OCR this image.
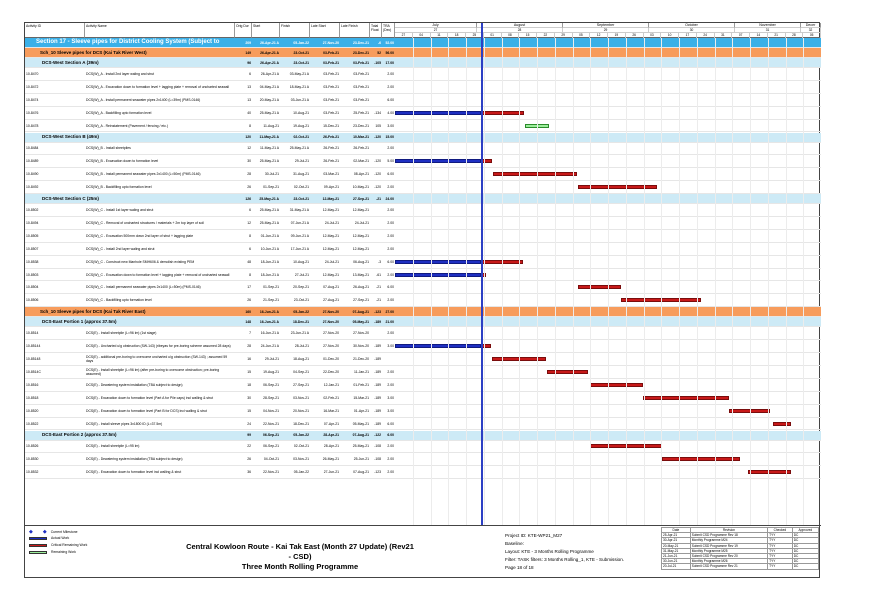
Activity ID	Activity Name	Orig Dur	Start	Finish	Late Start	Late Finish	Total Float
TRA (Dec)
July
27
August
28
September
29
October
30
November
31
Decer
32
27	04	11	18	25	01	08	15	22	29	05	12	19	26	03	10	17	24	31	07	14	21	28	05
Section 17 - Sleeve pipes for District Cooling System (Subject to	209	26-Apr-21 A	05-Jan-22	27-Nov-20	23-Dec-21	-6	52.00
Sch_10 Sleeve pipes for DCS (Kai Tak River West)	149	26-Apr-21 A	23-Oct-21	03-Feb-21	23-Dec-21	52	56.00
DCS-West Section A (39m)	96	26-Apr-21 A	23-Oct-21	03-Feb-21	03-Feb-21	-105	17.00
10-8470	DCS(W)_A - Install 2nd layer waling and strut	6	26-Apr-21 A	03-May-21 A	03-Feb-21	03-Feb-21	2.00
10-8472	DCS(W)_A - Excavation down to formation level + lagging plate + removal of uncharted seawall	13	04-May-21 A	18-May-21 A	03-Feb-21	03-Feb-21	2.00
10-8474	DCS(W)_A - Install permanent seawater pipes 2x1400 (L=39m) (PMS-0146)	13	20-May-21 A	03-Jun-21 A	03-Feb-21	03-Feb-21	6.00
10-8476	DCS(W)_A - Backfilling upto formation level	40	25-May-21 A	10-Aug-21	03-Feb-21	25-Feb-21	-134	4.00
10-8478	DCS(W)_A - Reinstatement (Pavement / fencing / etc.)	8	11-Aug-21	19-Aug-21	15-Dec-21	23-Dec-21	105	3.00
DCS-West Section B (49m)	120	11-May-21 A	02-Oct-21	26-Feb-21	10-Mar-21	-120	15.00
10-8484	DCS(W)_B - Install sheetpiles	12	11-May-21 A	25-May-21 A	26-Feb-21	26-Feb-21	2.00
10-8489	DCS(W)_B - Excavation down to formation level	30	25-May-21 A	29-Jul-21	26-Feb-21	02-Mar-21	-120	5.00
10-8490	DCS(W)_B - Install permanent seawater pipes 2x1400 (L=50m) (PMS-0146)	28	30-Jul-21	31-Aug-21	03-Mar-21	08-Apr-21	-120	6.00
10-8492	DCS(W)_B - Backfilling upto formation level	26	01-Sep-21	02-Oct-21	09-Apr-21	10-May-21	-120	2.00
DCS-West Section C (25m)	126	25-May-21 A	23-Oct-21	12-May-21	27-Sep-21	-21	24.00
10-8502	DCS(W)_C - Install 1st layer waling and strut	6	25-May-21 A	31-May-21 A	12-May-21	12-May-21	2.00
10-8494	DCS(W)_C - Removal of uncharted structures / materials + 2m top layer of soil	12	25-May-21 A	07-Jun-21 A	24-Jul-21	24-Jul-21	2.00
10-8505	DCS(W)_C - Excavation 500mm down 2nd layer of strut + lagging plate	8	01-Jun-21 A	09-Jun-21 A	12-May-21	12-May-21	2.00
10-8507	DCS(W)_C - Install 2nd layer waling and strut	6	10-Jun-21 A	17-Jun-21 A	12-May-21	12-May-21	2.00
10-8538	DCS(W)_C - Construct new Manhole SMH606 & demolish existing PEM	48	18-Jun-21 A	10-Aug-21	24-Jul-21	06-Aug-21	-3	6.00
10-8503	DCS(W)_C - Excavation down to formation level + lagging plate + removal of uncharted seawall	8	18-Jun-21 A	27-Jul-21	12-May-21	13-May-21	-61	2.00
10-8504	DCS(W)_C - Install permanent seawater pipes 2x1400 (L=50m) (PMS-0146)	17	01-Sep-21	20-Sep-21	07-Aug-21	26-Aug-21	-21	6.00
10-8506	DCS(W)_C - Backfilling upto formation level	26	21-Sep-21	23-Oct-21	27-Aug-21	27-Sep-21	-21	2.00
Sch_10 Sleeve pipes for DCS (Kai Tak River East)	160	16-Jun-21 A	05-Jan-22	27-Nov-20	07-Aug-21	-123	27.00
DCS-East Portion 1 (approx 37.5m)	148	16-Jun-21 A	18-Dec-21	27-Nov-20	05-May-21	-189	21.00
10-8514	DCS(E) - Install sheetpile (L=96 lm) (1st stage)	7	16-Jun-21 A	23-Jun-21 A	27-Nov-20	27-Nov-20	2.00
10-85144	DCS(E) - Uncharted u/g obstruction (SW-143) (ribeyas for pre-boring scheme assumed 28 days)	28	24-Jun-21 A	28-Jul-21	27-Nov-20	30-Nov-20	-189	3.00
10-85148	DCS(E) - additional pre-boring to overcome uncharted u/g obstruction (SW-143) ; assumed 59 days	16	29-Jul-21	18-Aug-21	01-Dec-20	21-Dec-20	-189
10-8514C	DCS(E) - Install sheetpile (L=96 lm) (after pre-boring to overcome obstruction; pre-boring assumed)	15	19-Aug-21	04-Sep-21	22-Dec-20	11-Jan-21	-189	2.00
10-8516	DCS(E) - Dewatering system installation (TBA subject to design)	18	06-Sep-21	27-Sep-21	12-Jan-21	01-Feb-21	-189	2.00
10-8518	DCS(E) - Excavation down to formation level (Part A for Pile caps) incl walling & strut	30	28-Sep-21	03-Nov-21	02-Feb-21	15-Mar-21	-189	3.00
10-8520	DCS(E) - Excavation down to formation level (Part B for DCS) incl walling & strut	15	04-Nov-21	20-Nov-21	16-Mar-21	01-Apr-21	-189	3.00
10-8522	DCS(E) - Install sleeve pipes 3x1800 ID (L=37.5m)	24	22-Nov-21	18-Dec-21	07-Apr-21	05-May-21	-189	6.00
DCS-East Portion 2 (approx 37.5m)	99	06-Sep-21	05-Jan-22	28-Apr-21	07-Aug-21	-122	6.00
10-8526	DCS(E) - Install sheetpile (L=95 lm)	22	06-Sep-21	02-Oct-21	28-Apr-21	25-May-21	-108	2.00
10-8530	DCS(E) - Dewatering system installation (TBA subject to design)	26	04-Oct-21	03-Nov-21	26-May-21	25-Jun-21	-108	2.00
10-8532	DCS(E) - Excavation down to formation level incl walling & strut	36	22-Nov-21	05-Jan-22	27-Jun-21	07-Aug-21	-123	2.00
◆ ◆ Current Milestone
Actual Work
Critical Remaining Work
Remaining Work
Central Kowloon Route - Kai Tak East (Month 27 Update) (Rev21 - CSD)
Three Month Rolling Programme
Project ID: KTE-WP21_M27
Baseline:
Layout: KTE - 3 Months Rolling Programme
Filter: TASK filters: 3 Months Rolling_1, KTE - Submission.
Page 18 of 18
Date	Revision	Checked	Approved
25-Apr-21	Submit CSD Programme Rev 18	TYY	DC
30-Apr-21	Monthly Programme M24	TYY	DC
20-May-21	Submit CSD Programme Rev 19	TYY	DC
31-May-21	Monthly Programme M25	TYY	DC
21-Jun-21	Submit CSD Programme Rev 20	TYY	DC
30-Jun-21	Monthly Programme M26	TYY	DC
20-Jul-21	Submit CSD Programme Rev 21	TYY	DC
